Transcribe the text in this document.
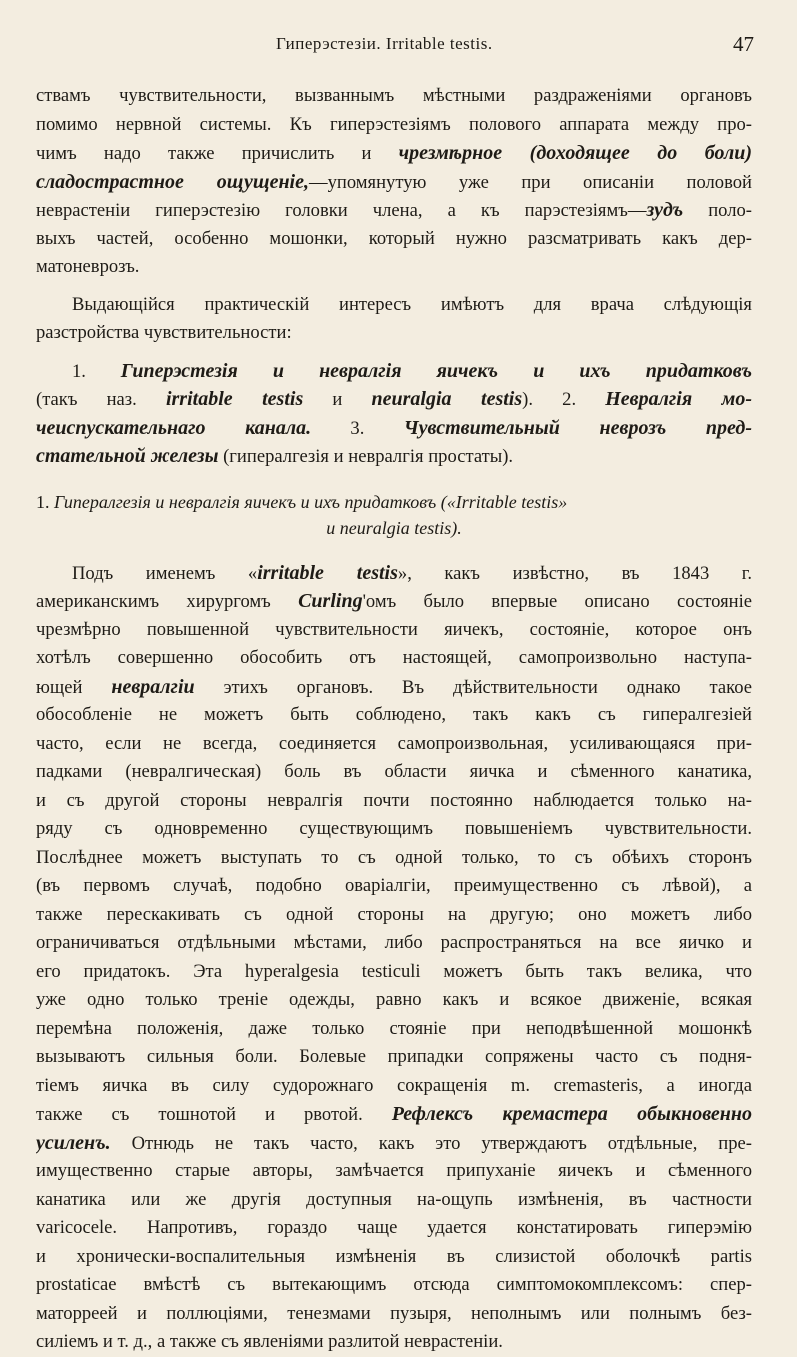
Гиперэстезiи. Irritable testis.	47

ствамъ чувствительности, вызваннымъ мѣстными раздраженiями органовъ

помимо нервной системы. Къ гиперэстезiямъ полового аппарата между про-

чимъ надо также причислить и чрезмѣрное (доходящее до боли)

сладострастное ощущенiе,—упомянутую уже при описанiи половой

неврастенiи гиперэстезiю головки члена, а къ парэстезiямъ—зудъ поло-

выхъ частей, особенно мошонки, который нужно разсматривать какъ дер-

матоневрозъ.

Выдающiйся практическiй интересъ имѣютъ для врача слѣдующiя

разстройства чувствительности:

1. Гиперэстезiя и невралгiя яичекъ и ихъ придатковъ

(такъ наз. irritable testis и neuralgia testis). 2. Невралгiя мо-

чеиспускательнаго канала. 3. Чувствительный неврозъ пред-

стательной железы (гипералгезiя и невралгiя простаты).

1. Гипералгезiя и невралгiя яичекъ и ихъ придатковъ («Irritable testis»

и neuralgia testis).

Подъ именемъ «irritable testis», какъ извѣстно, въ 1843 г.

американскимъ хирургомъ Curling'омъ было впервые описано состоянiе

чрезмѣрно повышенной чувствительности яичекъ, состоянiе, которое онъ

хотѣлъ совершенно обособить отъ настоящей, самопроизвольно наступа-

ющей невралгiи этихъ органовъ. Въ дѣйствительности однако такое

обособленiе не можетъ быть соблюдено, такъ какъ съ гипералгезiей

часто, если не всегда, соединяется самопроизвольная, усиливающаяся при-

падками (невралгическая) боль въ области яичка и сѣменного канатика,

и съ другой стороны невралгiя почти постоянно наблюдается только на-

ряду съ одновременно существующимъ повышенiемъ чувствительности.

Послѣднее можетъ выступать то съ одной только, то съ обѣихъ сторонъ

(въ первомъ случаѣ, подобно оварiалгiи, преимущественно съ лѣвой), а

также перескакивать съ одной стороны на другую; оно можетъ либо

ограничиваться отдѣльными мѣстами, либо распространяться на все яичко и

его придатокъ. Эта hyperalgesia testiculi можетъ быть такъ велика, что

уже одно только тренiе одежды, равно какъ и всякое движенiе, всякая

перемѣна положенiя, даже только стоянiе при неподвѣшенной мошонкѣ

вызываютъ сильныя боли. Болевые припадки сопряжены часто съ подня-

тiемъ яичка въ силу судорожнаго сокращенiя m. cremasteris, а иногда

также съ тошнотой и рвотой. Рефлексъ кремастера обыкновенно

усиленъ. Отнюдь не такъ часто, какъ это утверждаютъ отдѣльные, пре-

имущественно старые авторы, замѣчается припуханiе яичекъ и сѣменного

канатика или же другiя доступныя на-ощупь измѣненiя, въ частности

varicocele. Напротивъ, гораздо чаще удается констатировать гиперэмiю

и хронически-воспалительныя измѣненiя въ слизистой оболочкѣ partis

prostaticae вмѣстѣ съ вытекающимъ отсюда симптомокомплексомъ: спер-

маторреей и поллюцiями, тенезмами пузыря, неполнымъ или полнымъ без-

силiемъ и т. д., а также съ явленiями разлитой неврастенiи.
